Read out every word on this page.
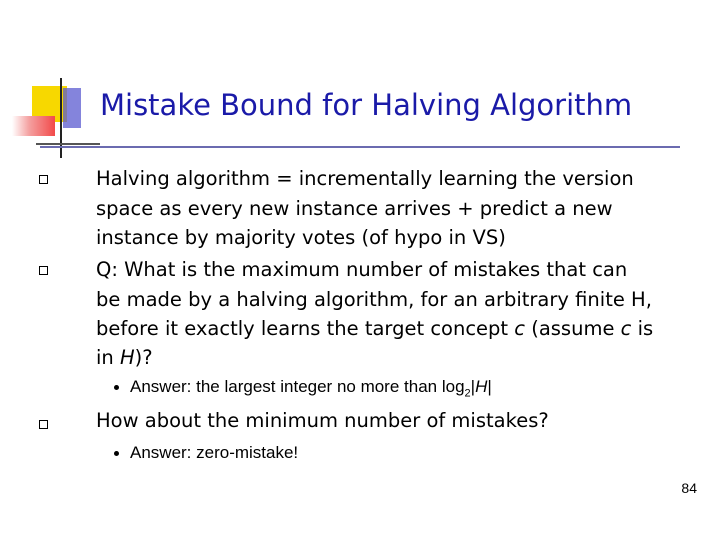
Mistake Bound for Halving Algorithm
Halving algorithm = incrementally learning the version
space as every new instance arrives + predict a new
instance by majority votes (of hypo in VS)
Q: What is the maximum number of mistakes that can
be made by a halving algorithm, for an arbitrary finite H,
before it exactly learns the target concept c (assume c is
in H)?
Answer: the largest integer no more than $\log_2|H|$
How about the minimum number of mistakes?
Answer: zero-mistake!
84
